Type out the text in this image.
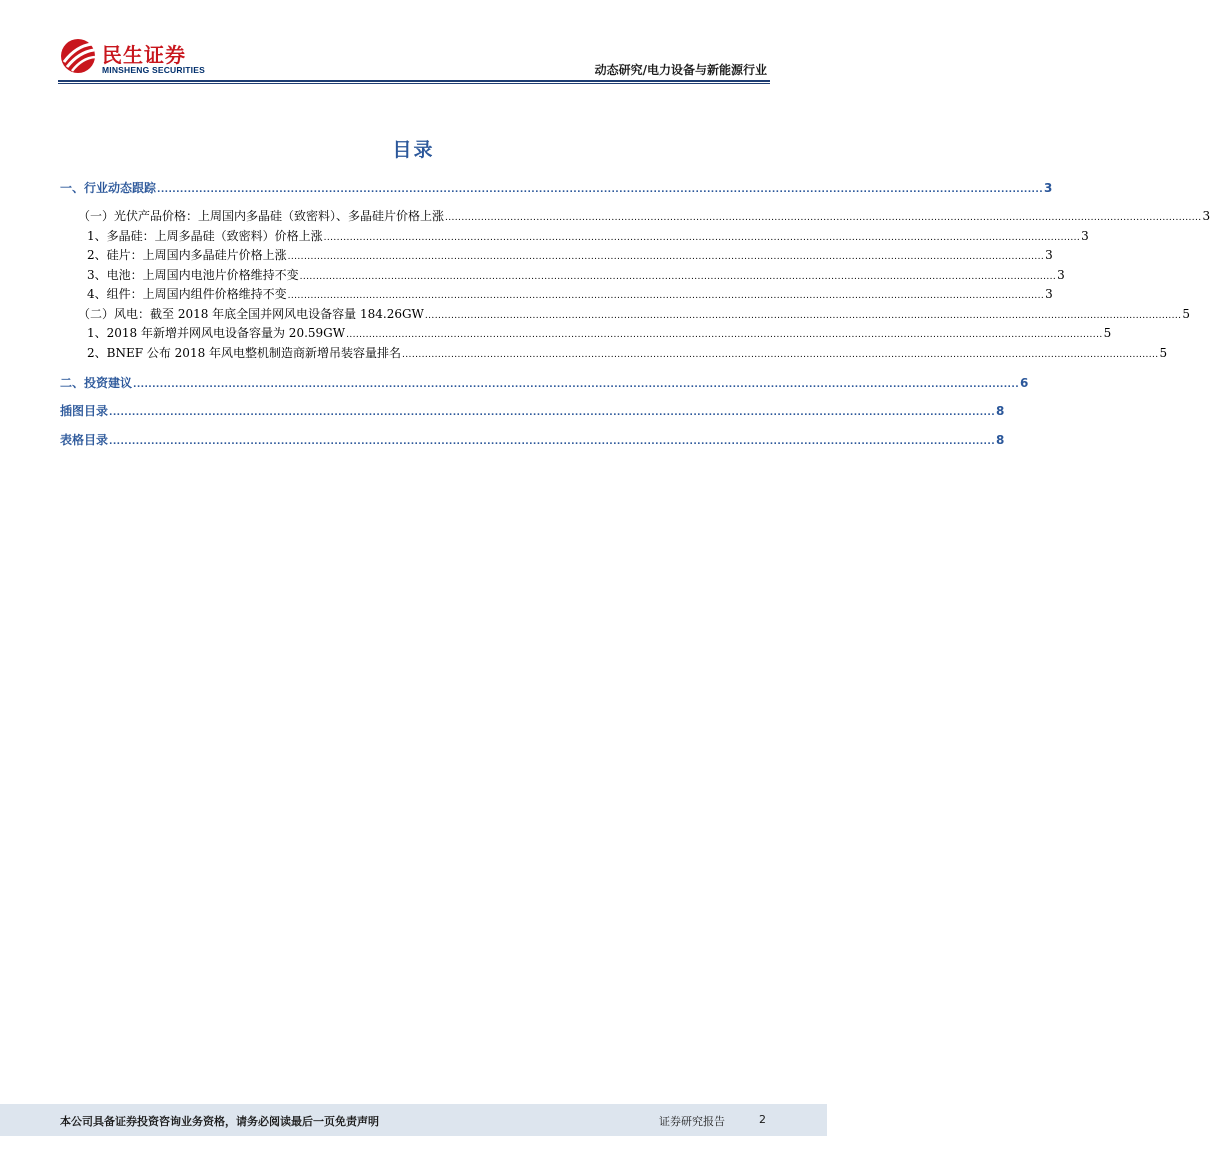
民生证券
MINSHENG SECURITIES	动态研究/电力设备与新能源行业
目录
一、行业动态跟踪 ........................................................................................................................................................................................................................................ 3
（一）光伏产品价格：上周国内多晶硅（致密料）、多晶硅片价格上涨 ........................................................................................................................................................................................................................................ 3
1、多晶硅：上周多晶硅（致密料）价格上涨 ........................................................................................................................................................................................................................................ 3
2、硅片：上周国内多晶硅片价格上涨 ........................................................................................................................................................................................................................................ 3
3、电池：上周国内电池片价格维持不变 ........................................................................................................................................................................................................................................ 3
4、组件：上周国内组件价格维持不变 ........................................................................................................................................................................................................................................ 3
（二）风电：截至 2018 年底全国并网风电设备容量 184.26GW ........................................................................................................................................................................................................................................ 5
1、2018 年新增并网风电设备容量为 20.59GW ........................................................................................................................................................................................................................................ 5
2、BNEF 公布 2018 年风电整机制造商新增吊装容量排名 ........................................................................................................................................................................................................................................ 5
二、投资建议 ........................................................................................................................................................................................................................................ 6
插图目录 ........................................................................................................................................................................................................................................ 8
表格目录 ........................................................................................................................................................................................................................................ 8
本公司具备证券投资咨询业务资格，请务必阅读最后一页免责声明	证券研究报告	2
